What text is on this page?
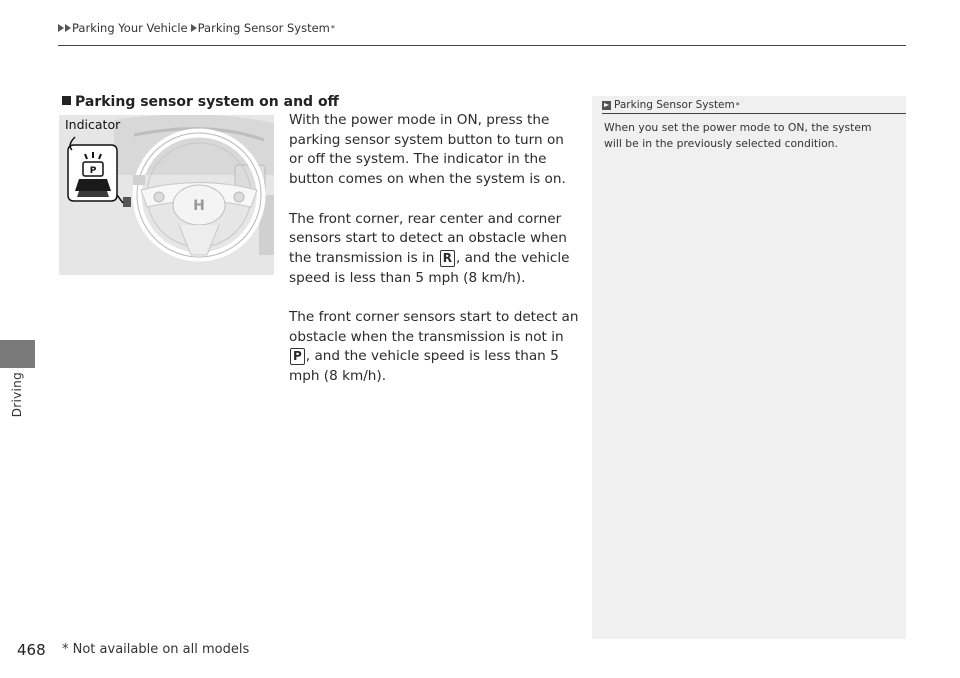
Parking Your Vehicle Parking Sensor System *
Driving
Parking sensor system on and off
H
P
Indicator	With the power mode in ON, press the parking sensor system button to turn on or off the system. The indicator in the button comes on when the system is on.

The front corner, rear center and corner sensors start to detect an obstacle when the transmission is in R , and the vehicle speed is less than 5 mph (8 km/h).

The front corner sensors start to detect an obstacle when the transmission is not in P , and the vehicle speed is less than 5 mph (8 km/h).

Parking Sensor System *
When you set the power mode to ON, the system will be in the previously selected condition.
468 * Not available on all models
